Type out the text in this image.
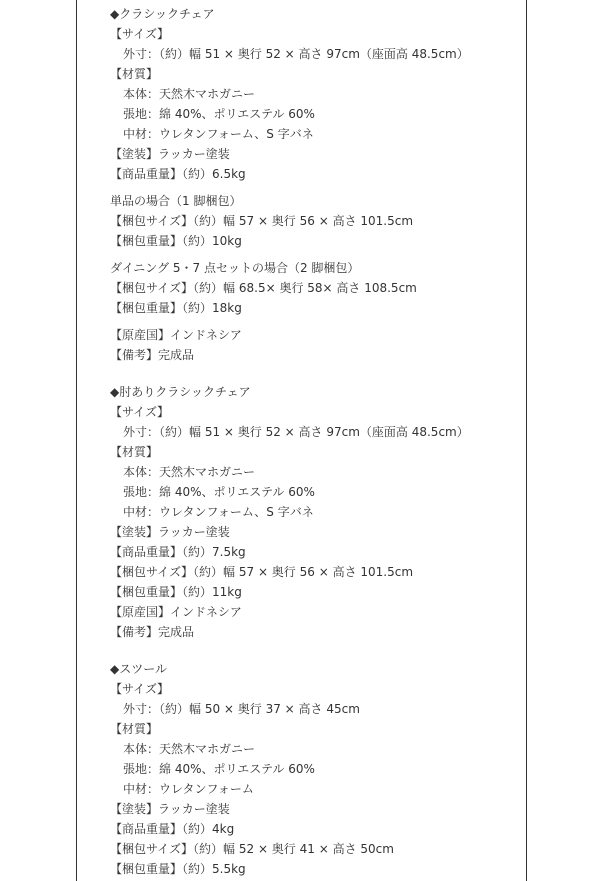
◆クラシックチェア
【サイズ】
外寸：（約）幅 51 × 奥行 52 × 高さ 97cm（座面高 48.5cm）
【材質】
本体：天然木マホガニー
張地：綿 40%、ポリエステル 60%
中材：ウレタンフォーム、S 字バネ
【塗装】ラッカー塗装
【商品重量】（約）6.5kg
単品の場合（1 脚梱包）
【梱包サイズ】（約）幅 57 × 奥行 56 × 高さ 101.5cm
【梱包重量】（約）10kg
ダイニング 5・7 点セットの場合（2 脚梱包）
【梱包サイズ】（約）幅 68.5× 奥行 58× 高さ 108.5cm
【梱包重量】（約）18kg
【原産国】インドネシア
【備考】完成品
◆肘ありクラシックチェア
【サイズ】
外寸：（約）幅 51 × 奥行 52 × 高さ 97cm（座面高 48.5cm）
【材質】
本体：天然木マホガニー
張地：綿 40%、ポリエステル 60%
中材：ウレタンフォーム、S 字バネ
【塗装】ラッカー塗装
【商品重量】（約）7.5kg
【梱包サイズ】（約）幅 57 × 奥行 56 × 高さ 101.5cm
【梱包重量】（約）11kg
【原産国】インドネシア
【備考】完成品
◆スツール
【サイズ】
外寸：（約）幅 50 × 奥行 37 × 高さ 45cm
【材質】
本体：天然木マホガニー
張地：綿 40%、ポリエステル 60%
中材：ウレタンフォーム
【塗装】ラッカー塗装
【商品重量】（約）4kg
【梱包サイズ】（約）幅 52 × 奥行 41 × 高さ 50cm
【梱包重量】（約）5.5kg
